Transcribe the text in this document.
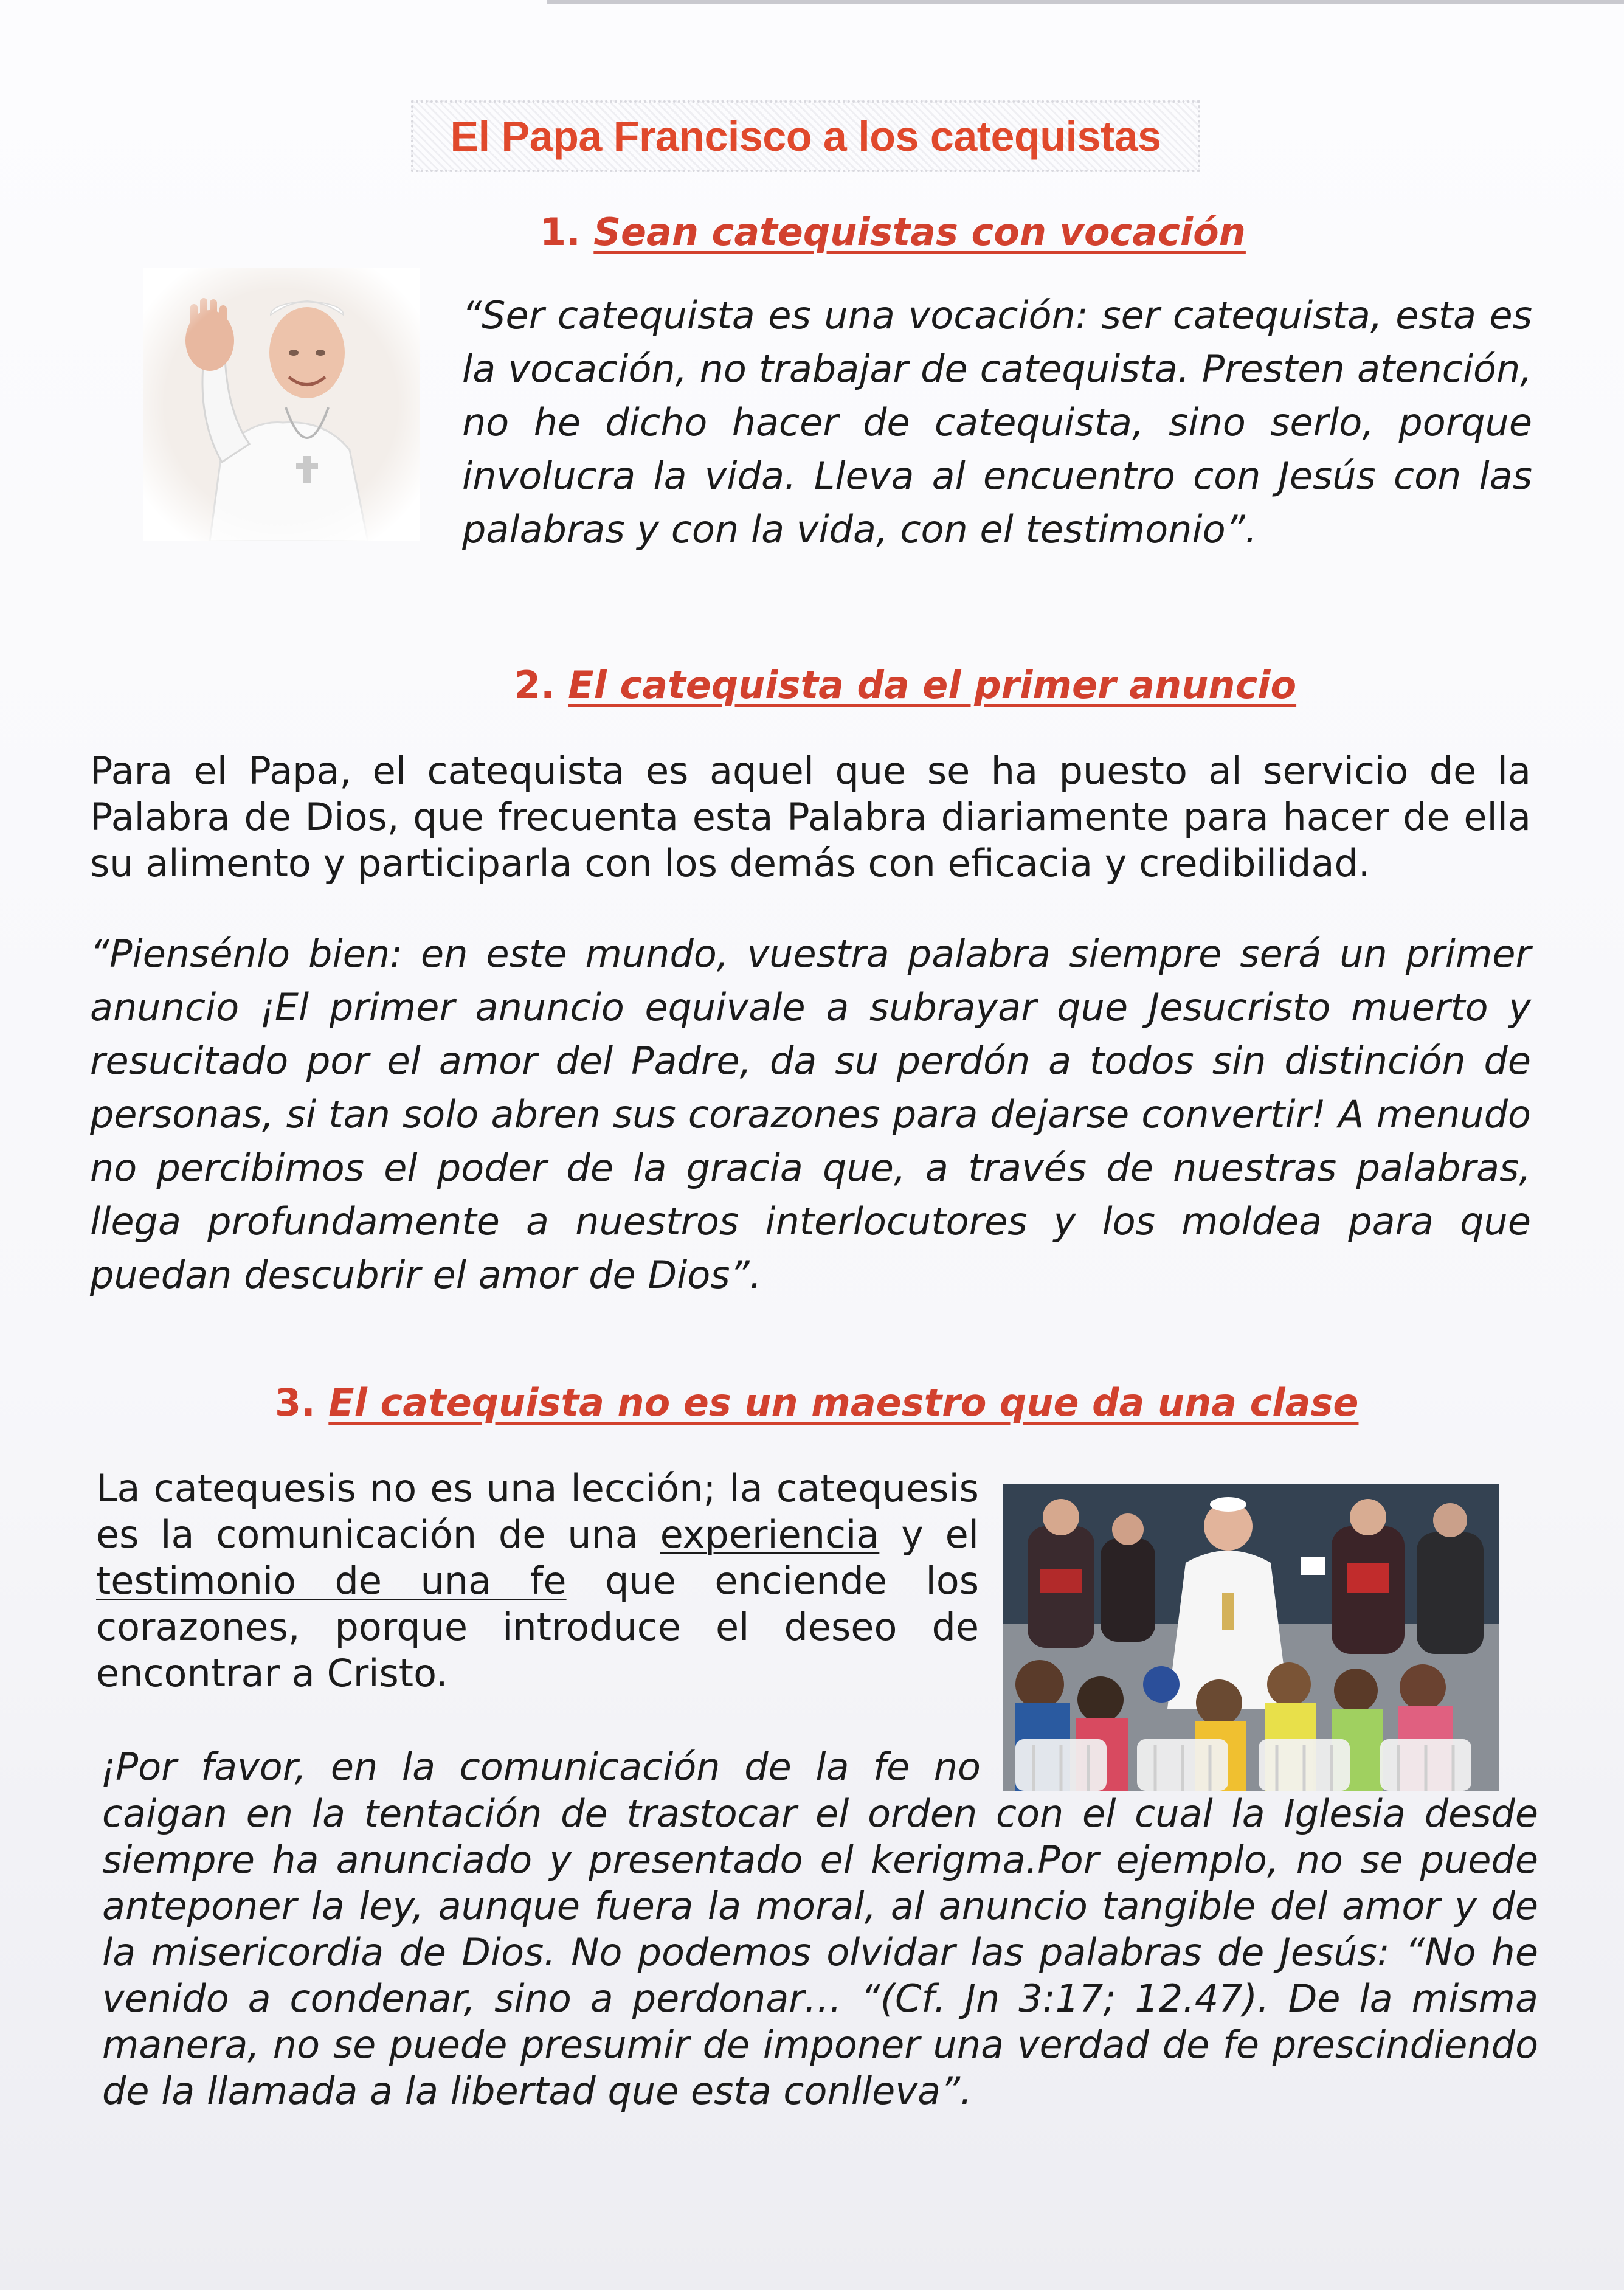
El Papa Francisco a los catequistas
1. Sean catequistas con vocación
“Ser catequista es una vocación: ser catequista, esta es la vocación, no trabajar de catequista. Presten atención, no he dicho hacer de catequista, sino serlo, porque involucra la vida. Lleva al encuentro con Jesús con las palabras y con la vida, con el testimonio”.
2. El catequista da el primer anuncio
Para el Papa, el catequista es aquel que se ha puesto al servicio de la Palabra de Dios, que frecuenta esta Palabra diariamente para hacer de ella su alimento y participarla con los demás con eficacia y credibilidad.
“Piensénlo bien: en este mundo, vuestra palabra siempre será un primer anuncio ¡El primer anuncio equivale a subrayar que Jesucristo muerto y resucitado por el amor del Padre, da su perdón a todos sin distinción de personas, si tan solo abren sus corazones para dejarse convertir! A menudo no percibimos el poder de la gracia que, a través de nuestras palabras, llega profundamente a nuestros interlocutores y los moldea para que puedan descubrir el amor de Dios”.
3. El catequista no es un maestro que da una clase
La catequesis no es una lección; la catequesis es la comunicación de una experiencia y el testimonio de una fe que enciende los corazones, porque introduce el deseo de encontrar a Cristo.
¡Por favor, en la comunicación de la fe no
caigan en la tentación de trastocar el orden con el cual la Iglesia desde siempre ha anunciado y presentado el kerigma.Por ejemplo, no se puede anteponer la ley, aunque fuera la moral, al anuncio tangible del amor y de la misericordia de Dios. No podemos olvidar las palabras de Jesús: “No he venido a condenar, sino a perdonar… “(Cf. Jn 3:17; 12.47). De la misma manera, no se puede presumir de imponer una verdad de fe prescindiendo de la llamada a la libertad que esta conlleva”.
